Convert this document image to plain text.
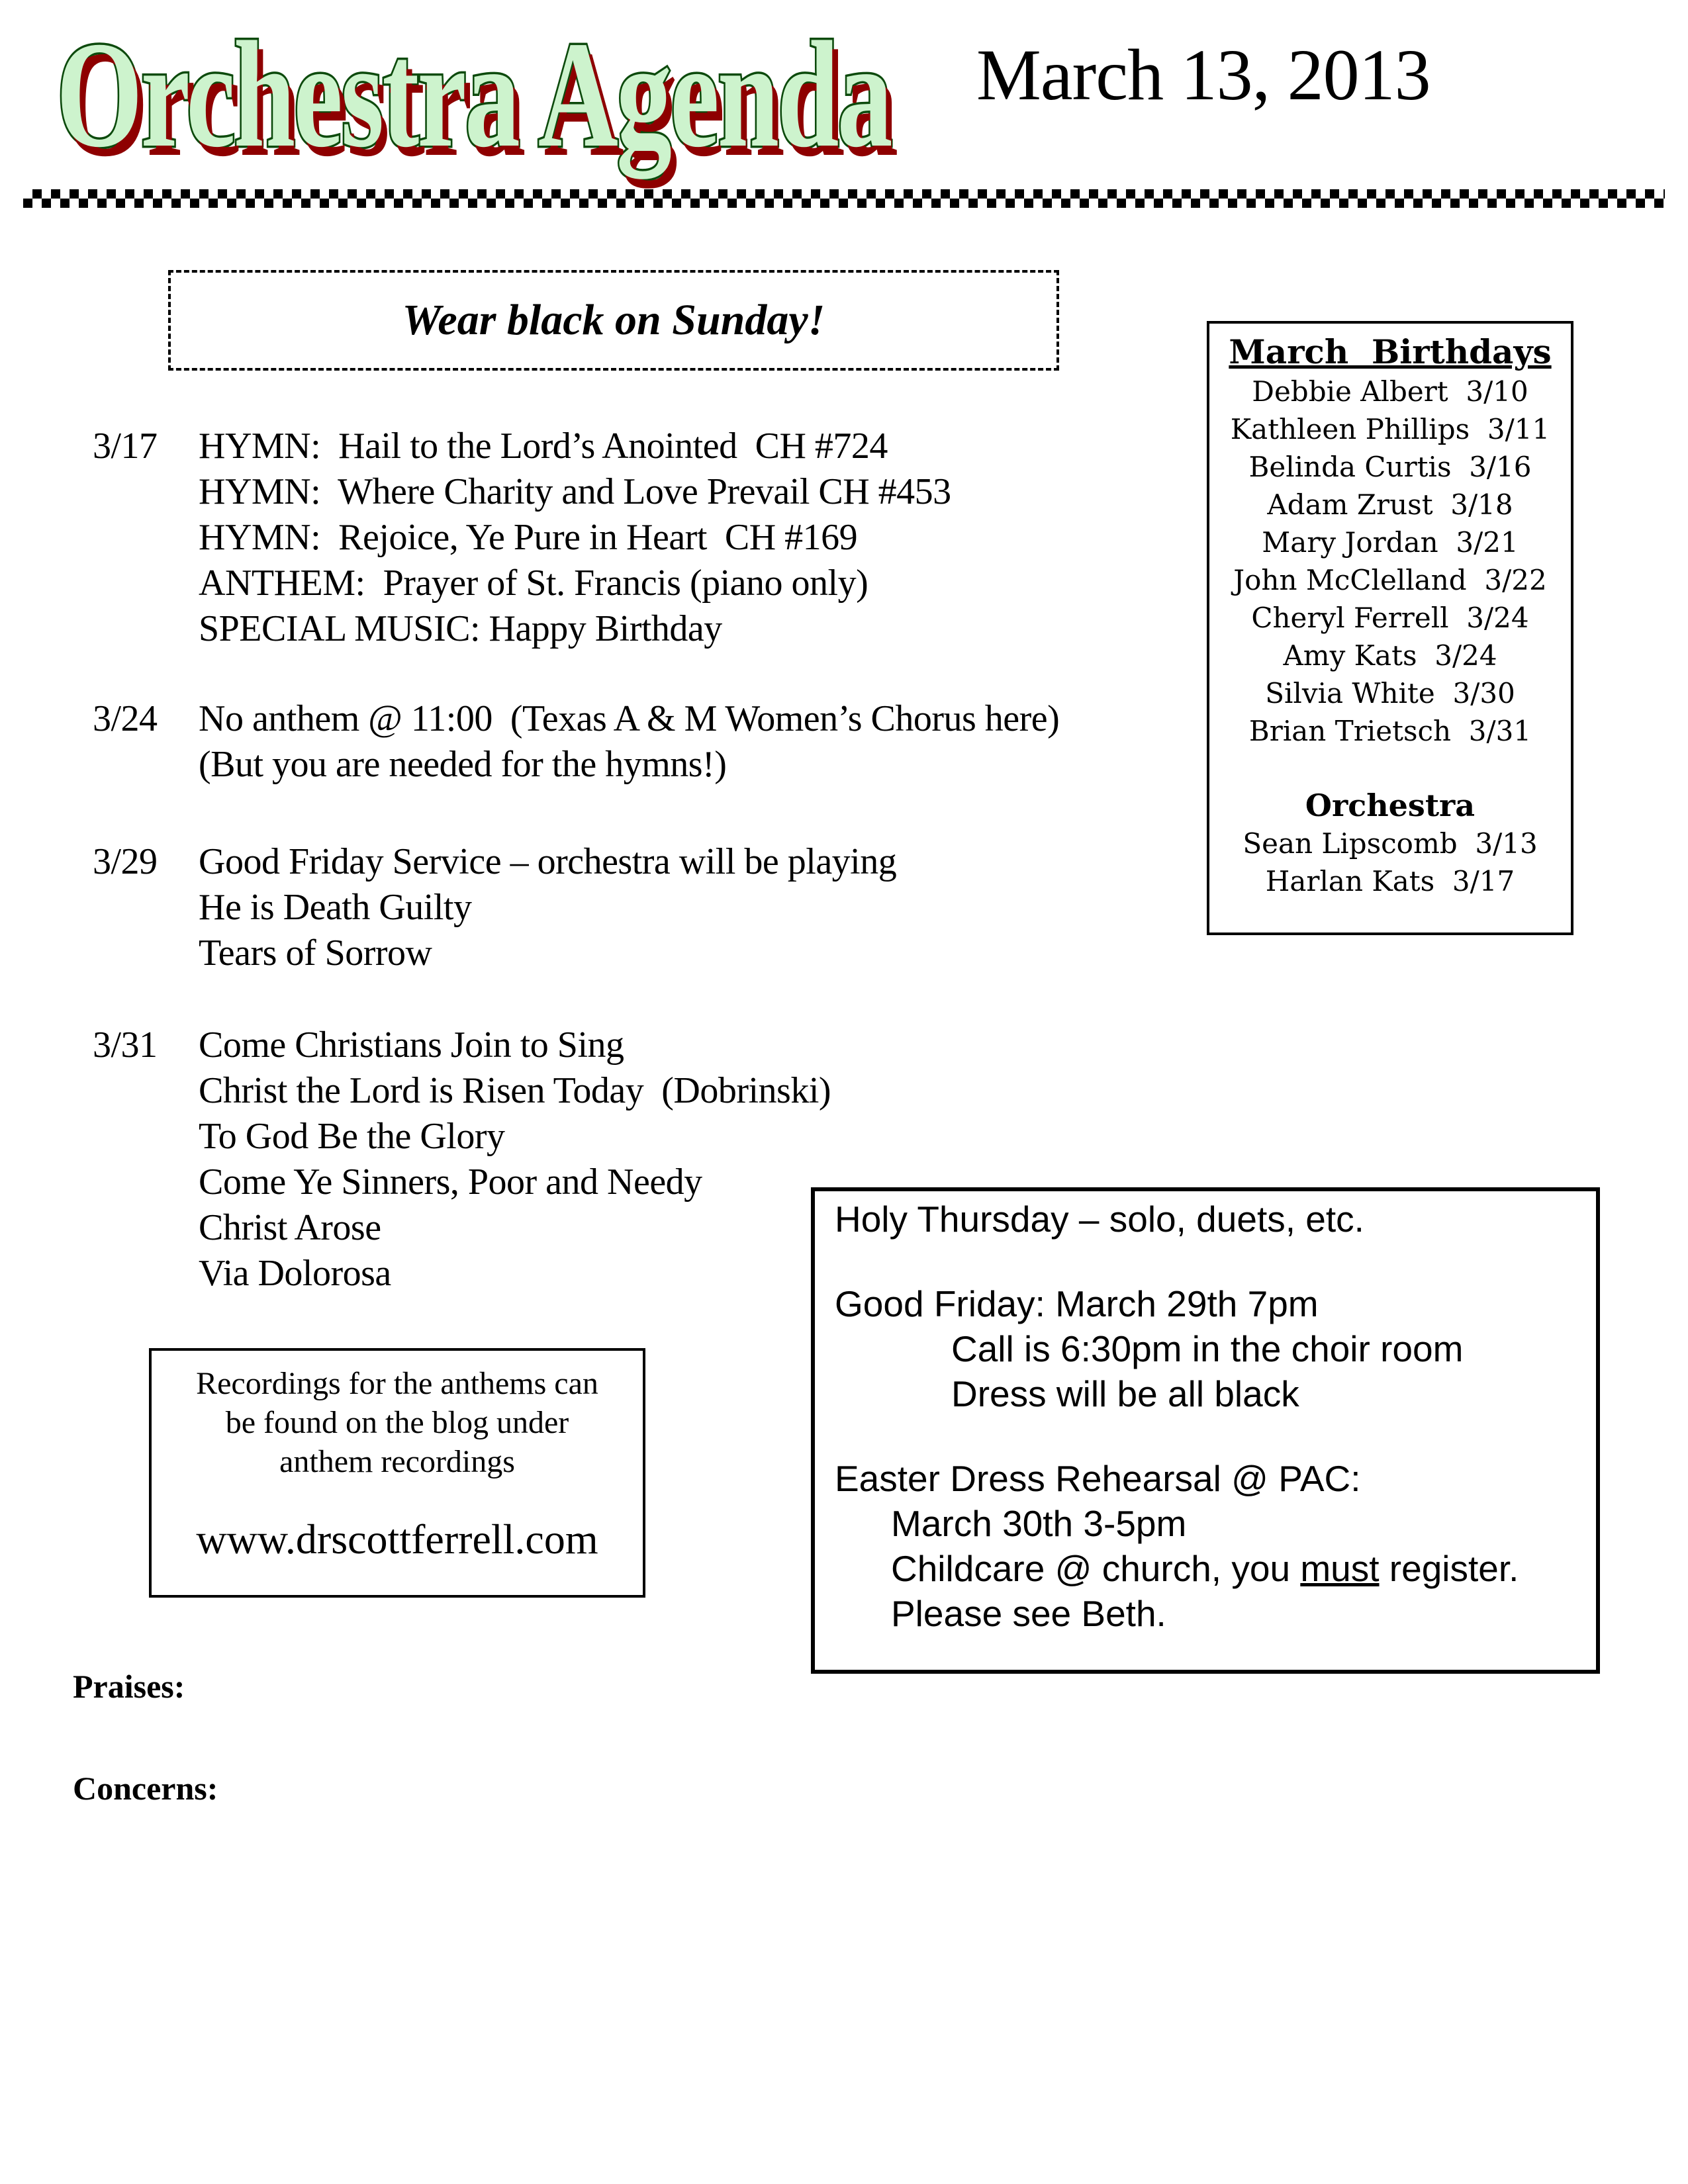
Orchestra Agenda March 13, 2013
Wear black on Sunday!
3/17 HYMN:  Hail to the Lord’s Anointed  CH #724
HYMN:  Where Charity and Love Prevail CH #453
HYMN:  Rejoice, Ye Pure in Heart  CH #169
ANTHEM:  Prayer of St. Francis (piano only)
SPECIAL MUSIC: Happy Birthday
3/24 No anthem @ 11:00  (Texas A & M Women’s Chorus here)
(But you are needed for the hymns!)
3/29 Good Friday Service – orchestra will be playing
He is Death Guilty
Tears of Sorrow
3/31 Come Christians Join to Sing
Christ the Lord is Risen Today  (Dobrinski)
To God Be the Glory
Come Ye Sinners, Poor and Needy
Christ Arose
Via Dolorosa
March  Birthdays
Debbie Albert  3/10
Kathleen Phillips  3/11
Belinda Curtis  3/16
Adam Zrust  3/18
Mary Jordan  3/21
John McClelland  3/22
Cheryl Ferrell  3/24
Amy Kats  3/24
Silvia White  3/30
Brian Trietsch  3/31
Orchestra
Sean Lipscomb  3/13
Harlan Kats  3/17
Recordings for the anthems can
be found on the blog under
anthem recordings
www.drscottferrell.com
Holy Thursday – solo, duets, etc.
Good Friday: March 29th 7pm
Call is 6:30pm in the choir room
Dress will be all black
Easter Dress Rehearsal @ PAC:
March 30th 3-5pm
Childcare @ church, you must register.
Please see Beth.
Praises:
Concerns:
